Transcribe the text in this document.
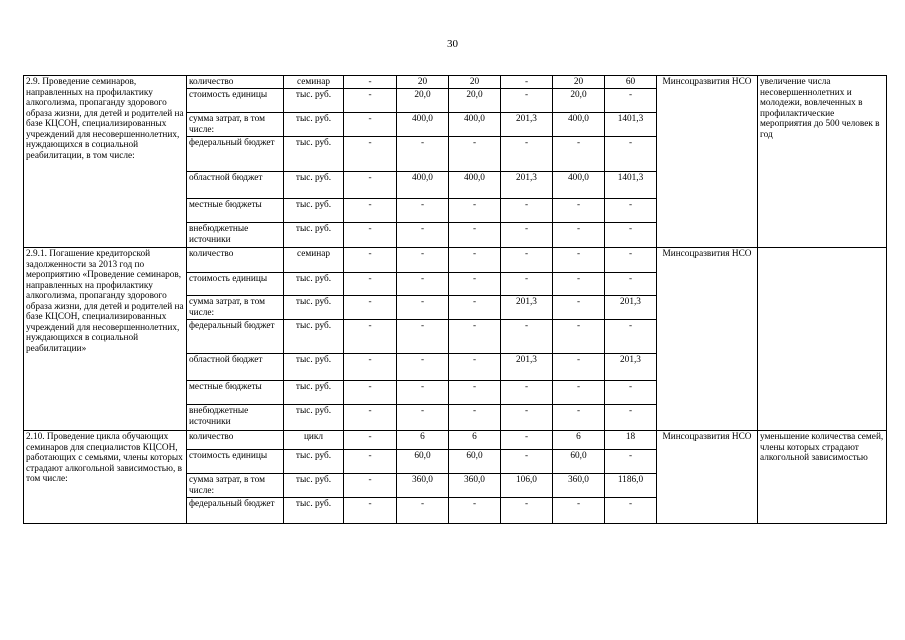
30
2.9. Проведение семинаров, направленных на профилактику алкоголизма, пропаганду здорового образа жизни, для детей и родителей на базе КЦСОН, специализированных учреждений для несовершеннолетних, нуждающихся в социальной реабилитации, в том числе:	количество	семинар	-	20	20	-	20	60	Минсоцразвития НСО	увеличение числа несовершеннолетних и молодежи, вовлеченных в профилактические мероприятия до 500 человек в год
	стоимость единицы	тыс. руб.	-	20,0	20,0	-	20,0	-		
	сумма затрат, в том числе:	тыс. руб.	-	400,0	400,0	201,3	400,0	1401,3		
	федеральный бюджет	тыс. руб.	-	-	-	-	-	-		
	областной бюджет	тыс. руб.	-	400,0	400,0	201,3	400,0	1401,3		
	местные бюджеты	тыс. руб.	-	-	-	-	-	-		
	внебюджетные источники	тыс. руб.	-	-	-	-	-	-		
2.9.1. Погашение кредиторской задолженности за 2013 год по мероприятию «Проведение семинаров, направленных на профилактику алкоголизма, пропаганду здорового образа жизни, для детей и родителей на базе КЦСОН, специализированных учреждений для несовершеннолетних, нуждающихся в социальной реабилитации»	количество	семинар	-	-	-	-	-	-	Минсоцразвития НСО	
	стоимость единицы	тыс. руб.	-	-	-	-	-	-		
	сумма затрат, в том числе:	тыс. руб.	-	-	-	201,3	-	201,3		
	федеральный бюджет	тыс. руб.	-	-	-	-	-	-		
	областной бюджет	тыс. руб.	-	-	-	201,3	-	201,3		
	местные бюджеты	тыс. руб.	-	-	-	-	-	-		
	внебюджетные источники	тыс. руб.	-	-	-	-	-	-		
2.10. Проведение цикла обучающих семинаров для специалистов КЦСОН, работающих с семьями, члены которых страдают алкогольной зависимостью, в том числе:	количество	цикл	-	6	6	-	6	18	Минсоцразвития НСО	уменьшение количества семей, члены которых страдают алкогольной зависимостью
	стоимость единицы	тыс. руб.	-	60,0	60,0	-	60,0	-		
	сумма затрат, в том числе:	тыс. руб.	-	360,0	360,0	106,0	360,0	1186,0		
	федеральный бюджет	тыс. руб.	-	-	-	-	-	-		
